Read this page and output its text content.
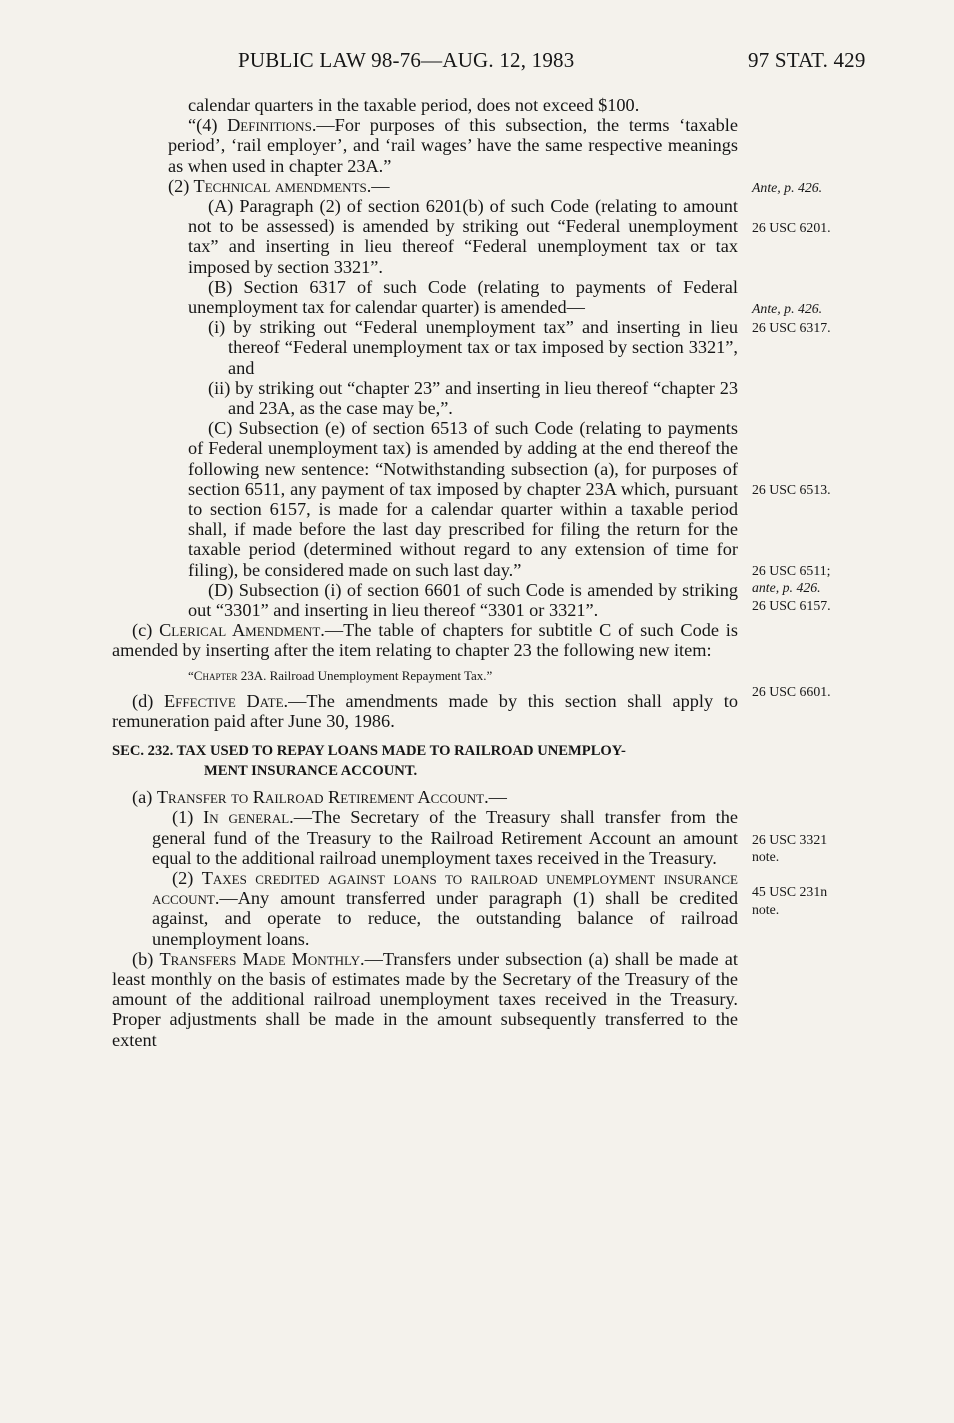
PUBLIC LAW 98-76—AUG. 12, 1983	97 STAT. 429
Ante, p. 426.
26 USC 6201.
Ante, p. 426.
26 USC 6317.
26 USC 6513.
26 USC 6511;
ante, p. 426.
26 USC 6157.
26 USC 6601.
26 USC 3321
note.
45 USC 231n
note.

calendar quarters in the taxable period, does not exceed $100.

“(4) Definitions.—For purposes of this subsection, the terms ‘taxable period’, ‘rail employer’, and ‘rail wages’ have the same respective meanings as when used in chapter 23A.”

(2) Technical amendments.—

(A) Paragraph (2) of section 6201(b) of such Code (relating to amount not to be assessed) is amended by striking out “Federal unemployment tax” and inserting in lieu thereof “Federal unemployment tax or tax imposed by section 3321”.

(B) Section 6317 of such Code (relating to payments of Federal unemployment tax for calendar quarter) is amended—

(i) by striking out “Federal unemployment tax” and inserting in lieu thereof “Federal unemployment tax or tax imposed by section 3321”, and

(ii) by striking out “chapter 23” and inserting in lieu thereof “chapter 23 and 23A, as the case may be,”.

(C) Subsection (e) of section 6513 of such Code (relating to payments of Federal unemployment tax) is amended by adding at the end thereof the following new sentence: “Notwithstanding subsection (a), for purposes of section 6511, any payment of tax imposed by chapter 23A which, pursuant to section 6157, is made for a calendar quarter within a taxable period shall, if made before the last day prescribed for filing the return for the taxable period (determined without regard to any extension of time for filing), be considered made on such last day.”

(D) Subsection (i) of section 6601 of such Code is amended by striking out “3301” and inserting in lieu thereof “3301 or 3321”.

(c) Clerical Amendment.—The table of chapters for subtitle C of such Code is amended by inserting after the item relating to chapter 23 the following new item:

“Chapter 23A. Railroad Unemployment Repayment Tax.”

(d) Effective Date.—The amendments made by this section shall apply to remuneration paid after June 30, 1986.

SEC. 232. TAX USED TO REPAY LOANS MADE TO RAILROAD UNEMPLOY-
MENT INSURANCE ACCOUNT.

(a) Transfer to Railroad Retirement Account.—

(1) In general.—The Secretary of the Treasury shall transfer from the general fund of the Treasury to the Railroad Retirement Account an amount equal to the additional railroad unemployment taxes received in the Treasury.

(2) Taxes credited against loans to railroad unemployment insurance account.—Any amount transferred under paragraph (1) shall be credited against, and operate to reduce, the outstanding balance of railroad unemployment loans.

(b) Transfers Made Monthly.—Transfers under subsection (a) shall be made at least monthly on the basis of estimates made by the Secretary of the Treasury of the amount of the additional railroad unemployment taxes received in the Treasury. Proper adjustments shall be made in the amount subsequently transferred to the extent
